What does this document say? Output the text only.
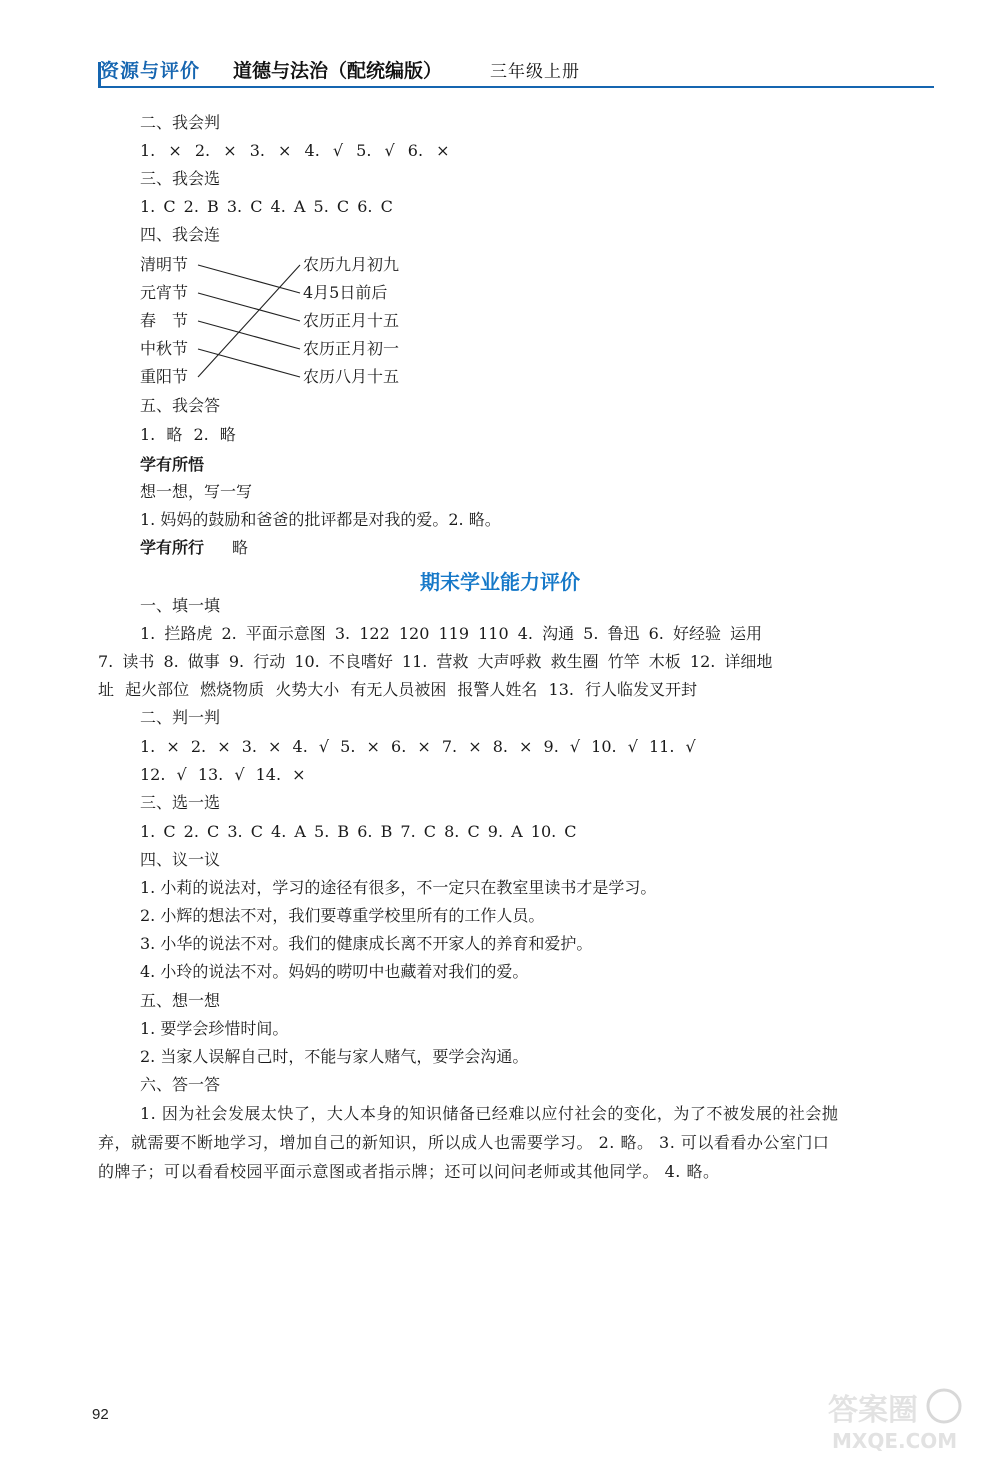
资源与评价 道德与法治（配统编版）	三年级上册
二、我会判
1. × 2. × 3. × 4. √ 5. √ 6. ×
三、我会选
1. C 2. B 3. C 4. A 5. C 6. C
四、我会连
清明节
元宵节
春　节
中秋节
重阳节
农历九月初九
4月5日前后
农历正月十五
农历正月初一
农历八月十五
五、我会答
1. 略 2. 略
学有所悟
想一想，写一写
1. 妈妈的鼓励和爸爸的批评都是对我的爱。2. 略。
学有所行 略
期末学业能力评价
一、填一填
1. 拦路虎 2. 平面示意图 3. 122 120 119 110 4. 沟通 5. 鲁迅 6. 好经验 运用
7. 读书 8. 做事 9. 行动 10. 不良嗜好 11. 营救 大声呼救 救生圈 竹竿 木板 12. 详细地
址 起火部位 燃烧物质 火势大小 有无人员被困 报警人姓名 13. 行人临发叉开封
二、判一判
1. × 2. × 3. × 4. √ 5. × 6. × 7. × 8. × 9. √ 10. √ 11. √
12. √ 13. √ 14. ×
三、选一选
1. C 2. C 3. C 4. A 5. B 6. B 7. C 8. C 9. A 10. C
四、议一议
1. 小莉的说法对，学习的途径有很多，不一定只在教室里读书才是学习。
2. 小辉的想法不对，我们要尊重学校里所有的工作人员。
3. 小华的说法不对。我们的健康成长离不开家人的养育和爱护。
4. 小玲的说法不对。妈妈的唠叨中也藏着对我们的爱。
五、想一想
1. 要学会珍惜时间。
2. 当家人误解自己时，不能与家人赌气，要学会沟通。
六、答一答
1. 因为社会发展太快了，大人本身的知识储备已经难以应付社会的变化，为了不被发展的社会抛
弃，就需要不断地学习，增加自己的新知识，所以成人也需要学习。 2. 略。 3. 可以看看办公室门口
的牌子；可以看看校园平面示意图或者指示牌；还可以问问老师或其他同学。 4. 略。
92	答案圈
MXQE.COM
